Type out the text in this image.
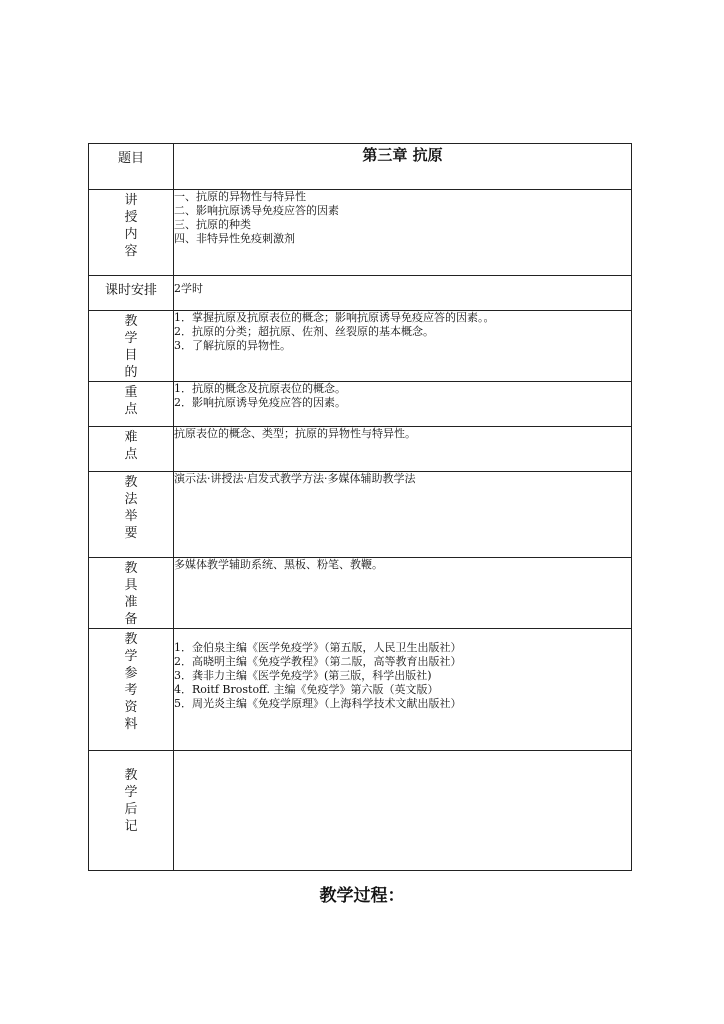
题目	第三章 抗原

讲授内容	一、抗原的异物性与特异性
二、影响抗原诱导免疫应答的因素
三、抗原的种类
四、非特异性免疫刺激剂

课时安排	2学时

教学目的	1．掌握抗原及抗原表位的概念；影响抗原诱导免疫应答的因素。。
2．抗原的分类；超抗原、佐剂、丝裂原的基本概念。
3．了解抗原的异物性。

重点	1．抗原的概念及抗原表位的概念。
2．影响抗原诱导免疫应答的因素。

难点	抗原表位的概念、类型；抗原的异物性与特异性。

教法举要	演示法·讲授法·启发式教学方法·多媒体辅助教学法

教具准备	多媒体教学辅助系统、黑板、粉笔、教鞭。

教学参考资料	1．金伯泉主编《医学免疫学》（第五版，人民卫生出版社）
2．高晓明主编《免疫学教程》（第二版，高等教育出版社）
3．龚非力主编《医学免疫学》(第三版，科学出版社)
4．Roitf Brostoff. 主编《免疫学》第六版（英文版）
5．周光炎主编《免疫学原理》（上海科学技术文献出版社）

教学后记	

教学过程：
